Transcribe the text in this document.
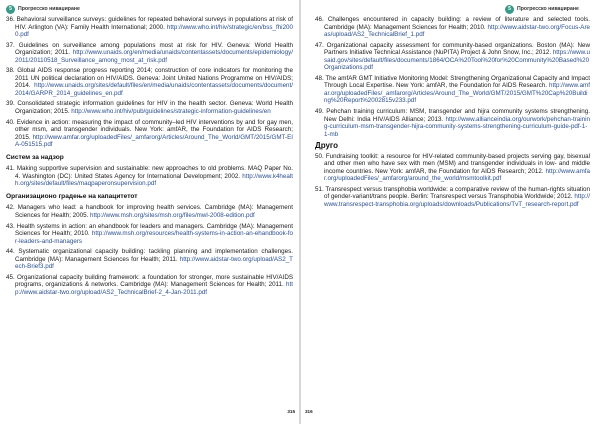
5	Прогресско ниваџиране

36. Behavioral surveillance surveys: guidelines for repeated behavioral surveys in populations at risk of HIV. Arlington (VA): Family Health International; 2000. http://www.who.int/hiv/strategic/en/bss_fhi2000.pdf

37. Guidelines on surveillance among populations most at risk for HIV. Geneva: World Health Organization; 2011. http://www.unaids.org/en/media/unaids/contentassets/documents/epidemiology/2011/20110518_Surveillance_among_most_at_risk.pdf

38. Global AIDS response progress reporting 2014; construction of core indicators for monitoring the 2011 UN political declaration on HIV/AIDS. Geneva: Joint United Nations Programme on HIV/AIDS; 2014. http://www.unaids.org/sites/default/files/en/media/unaids/contentassets/documents/document/2014/GARPR_2014_guidelines_en.pdf

39. Consolidated strategic information guidelines for HIV in the health sector. Geneva: World Health Organization; 2015. http://www.who.int/hiv/pub/guidelines/strategic-information-guidelines/en

40. Evidence in action: measuring the impact of community–led HIV interventions by and for gay men, other msm, and transgender individuals. New York: amfAR, the Foundation for AIDS Research; 2015. http://www.amfar.org/uploadedFiles/_amfarorg/Articles/Around_The_World/GMT/2015/GMT-EIA-051515.pdf

Систем за надзор

41. Making supportive supervision and sustainable: new approaches to old problems. MAQ Paper No. 4. Washington (DC): United States Agency for International Development; 2002. http://www.k4health.org/sites/default/files/maqpaperonsupervision.pdf

Организационо градење на капацитетот

42. Managers who lead: a handbook for improving health services. Cambridge (MA): Management Sciences for Health; 2005. http://www.msh.org/sites/msh.org/files/mwl-2008-edition.pdf

43. Health systems in action: an ehandbook for leaders and managers. Cambridge (MA): Management Sciences for Health; 2010. http://www.msh.org/resources/health-systems-in-action-an-ehandbook-for-leaders-and-managers

44. Systematic organizational capacity building: tackling planning and implementation challenges. Cambridge (MA): Management Sciences for Health; 2011. http://www.aidstar-two.org/upload/AS2_Tech-Brief3.pdf

45. Organizational capacity building framework: a foundation for stronger, more sustainable HIV/AIDS programs, organizations & networks. Cambridge (MA): Management Sciences for Health; 2011. http://www.aidstar-two.org/upload/AS2_TechnicalBrief-2_4-Jan-2011.pdf

315
5	Прогресско ниваџиране

46. Challenges encountered in capacity building: a review of literature and selected tools. Cambridge (MA): Management Sciences for Health; 2010. http://www.aidstar-two.org/Focus-Areas/upload/AS2_TechnicalBrief_1.pdf

47. Organizational capacity assessment for community-based organizations. Boston (MA): New Partners Initiative Technical Assistance (NuPITA) Project & John Snow, Inc.; 2012. https://www.usaid.gov/sites/default/files/documents/1864/OCA%20Tool%20for%20Community%20Based%20Organizations.pdf

48. The amfAR GMT Initiative Monitoring Model: Strengthening Organizational Capacity and Impact Through Local Expertise. New York: amfAR, the Foundation for AIDS Research. http://www.amfar.org/uploadedFiles/_amfarorg/Articles/Around_The_World/GMT/2015/GMT%20Cap%20Building%20Report%2002815v233.pdf

49. Pehchan training curriculum: MSM, transgender and hijra community systems strengthening. New Delhi: India HIV/AIDS Alliance; 2013. http://www.allianceindia.org/ourwork/pehchan-training-curriculum-msm-transgender-hijra-community-systems-strengthening-curriculum-guide-pdf-1-1-mb

Друго

50. Fundraising toolkit: a resource for HIV-related community-based projects serving gay, bisexual and other men who have sex with men (MSM) and transgender individuals in low- and middle income countries. New York: amfAR, the Foundation for AIDS Research; 2012. http://www.amfar.org/uploadedFiles/_amfarorg/around_the_world/msmtoolkit.pdf

51. Transrespect versus transphobia worldwide: a comparative review of the human-rights situation of gender-variant/trans people. Berlin: Transrespect versus Transphobia Worldwide; 2012. http://www.transrespect-transphobia.org/uploads/downloads/Publications/TvT_research-report.pdf

316
